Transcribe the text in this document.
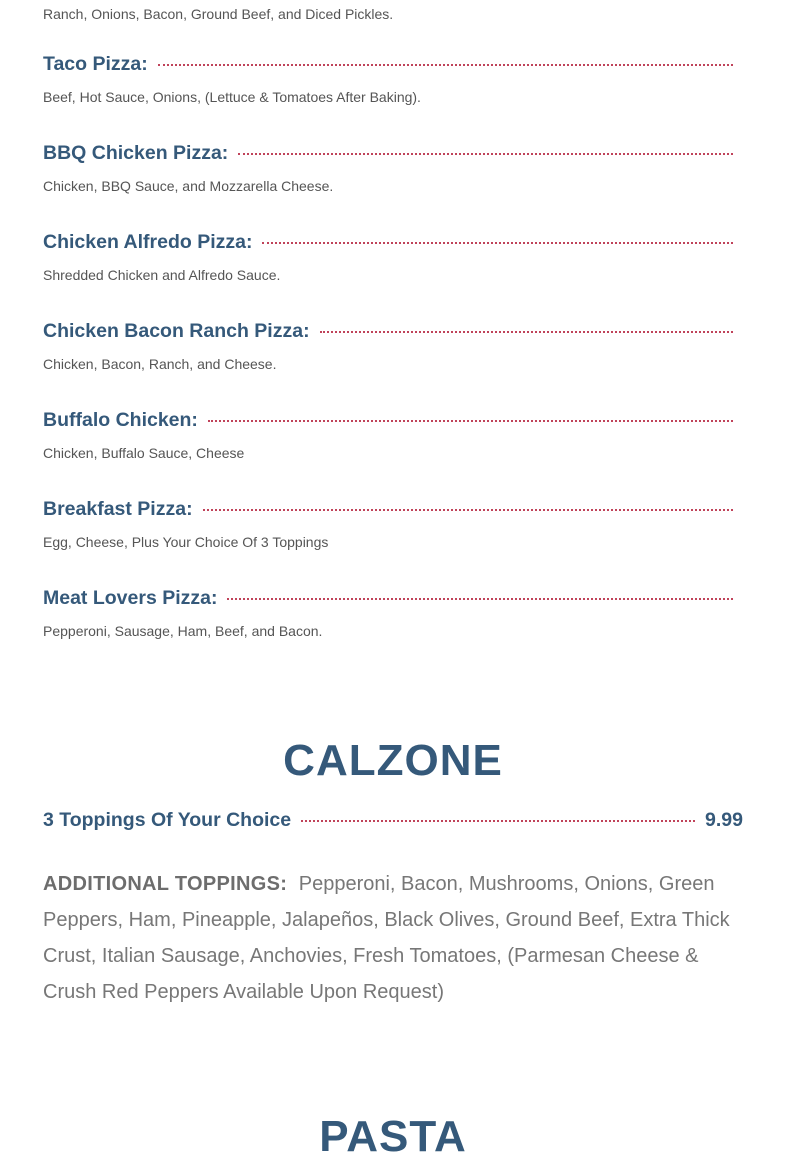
Ranch, Onions, Bacon, Ground Beef, and Diced Pickles.
Taco Pizza:
Beef, Hot Sauce, Onions, (Lettuce & Tomatoes After Baking).
BBQ Chicken Pizza:
Chicken, BBQ Sauce, and Mozzarella Cheese.
Chicken Alfredo Pizza:
Shredded Chicken and Alfredo Sauce.
Chicken Bacon Ranch Pizza:
Chicken, Bacon, Ranch, and Cheese.
Buffalo Chicken:
Chicken, Buffalo Sauce, Cheese
Breakfast Pizza:
Egg, Cheese, Plus Your Choice Of 3 Toppings
Meat Lovers Pizza:
Pepperoni, Sausage, Ham, Beef, and Bacon.
CALZONE
3 Toppings Of Your Choice	9.99
ADDITIONAL TOPPINGS: Pepperoni, Bacon, Mushrooms, Onions, Green Peppers, Ham, Pineapple, Jalapeños, Black Olives, Ground Beef, Extra Thick Crust, Italian Sausage, Anchovies, Fresh Tomatoes, (Parmesan Cheese & Crush Red Peppers Available Upon Request)
PASTA
